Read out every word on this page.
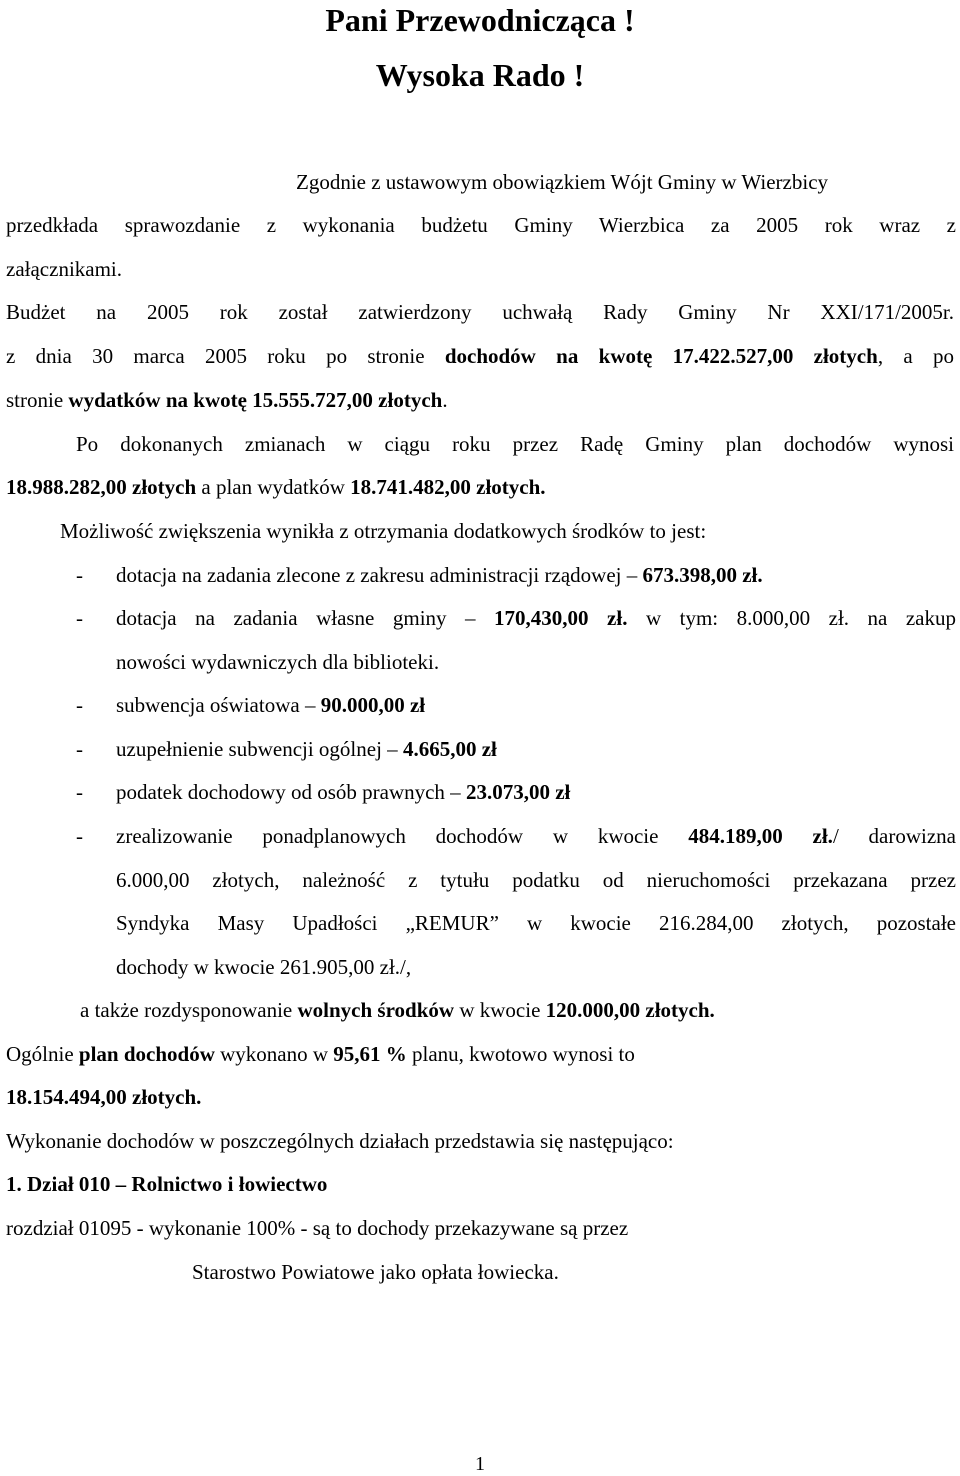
Pani Przewodnicząca !
Wysoka Rado !
Zgodnie z ustawowym obowiązkiem Wójt Gminy w Wierzbicy
przedkłada sprawozdanie z wykonania budżetu Gminy Wierzbica za 2005 rok wraz z
załącznikami.
Budżet na 2005 rok został zatwierdzony uchwałą Rady Gminy Nr XXI/171/2005r.
z dnia 30 marca 2005 roku po stronie dochodów na kwotę 17.422.527,00 złotych, a po
stronie wydatków na kwotę 15.555.727,00 złotych.
Po dokonanych zmianach w ciągu roku przez Radę Gminy plan dochodów wynosi
18.988.282,00 złotych a plan wydatków 18.741.482,00 złotych.
Możliwość zwiększenia wynikła z otrzymania dodatkowych środków to jest:
- dotacja na zadania zlecone z zakresu administracji rządowej – 673.398,00 zł.
- dotacja na zadania własne gminy – 170,430,00 zł. w tym: 8.000,00 zł. na zakup
nowości wydawniczych dla biblioteki.
- subwencja oświatowa – 90.000,00 zł
- uzupełnienie subwencji ogólnej – 4.665,00 zł
- podatek dochodowy od osób prawnych – 23.073,00 zł
- zrealizowanie ponadplanowych dochodów w kwocie 484.189,00 zł./ darowizna
6.000,00 złotych, należność z tytułu podatku od nieruchomości przekazana przez
Syndyka Masy Upadłości „REMUR” w kwocie 216.284,00 złotych, pozostałe
dochody w kwocie 261.905,00 zł./,
a także rozdysponowanie wolnych środków w kwocie 120.000,00 złotych.
Ogólnie plan dochodów wykonano w 95,61 % planu, kwotowo wynosi to
18.154.494,00 złotych.
Wykonanie dochodów w poszczególnych działach przedstawia się następująco:
1. Dział 010 – Rolnictwo i łowiectwo
rozdział 01095 - wykonanie 100% - są to dochody przekazywane są przez
Starostwo Powiatowe jako opłata łowiecka.
1
